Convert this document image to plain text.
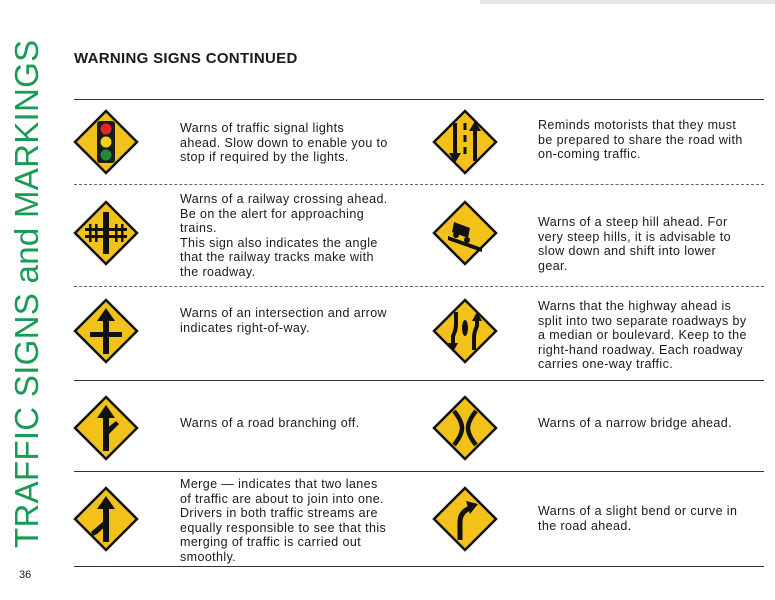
TRAFFIC SIGNS and MARKINGS
36
WARNING SIGNS CONTINUED
Warns of traffic signal lights
ahead. Slow down to enable you to
stop if required by the lights.
Warns of a railway crossing ahead.
Be on the alert for approaching
trains.
This sign also indicates the angle
that the railway tracks make with
the roadway.
Warns of an intersection and arrow
indicates right-of-way.
Warns of a road branching off.
Merge — indicates that two lanes
of traffic are about to join into one.
Drivers in both traffic streams are
equally responsible to see that this
merging of traffic is carried out
smoothly.
Reminds motorists that they must
be prepared to share the road with
on-coming traffic.
Warns of a steep hill ahead. For
very steep hills, it is advisable to
slow down and shift into lower
gear.
Warns that the highway ahead is
split into two separate roadways by
a median or boulevard. Keep to the
right-hand roadway. Each roadway
carries one-way traffic.
Warns of a narrow bridge ahead.
Warns of a slight bend or curve in
the road ahead.
